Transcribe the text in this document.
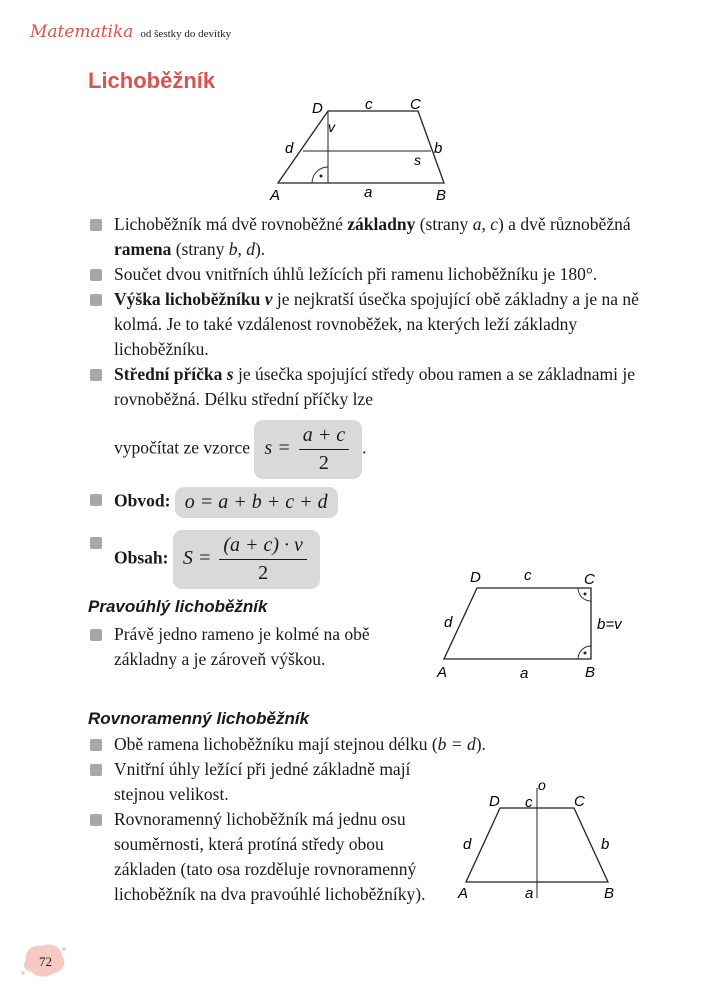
Matematika od šestky do devítky
Lichoběžník
D	C
c
v
d	b
s
A	a	B
Lichoběžník má dvě rovnoběžné základny (strany a, c) a dvě různoběžná ramena (strany b, d).
Součet dvou vnitřních úhlů ležících při ramenu lichoběžníku je 180°.
Výška lichoběžníku v je nejkratší úsečka spojující obě základny a je na ně kolmá. Je to také vzdálenost rovnoběžek, na kterých leží základny lichoběžníku.
Střední příčka s je úsečka spojující středy obou ramen a se základnami je rovnoběžná. Délku střední příčky lze
vypočítat ze vzorce $s = \frac{a + c}{2}$ .
Obvod: o = a + b + c + d
Obsah: $S = \frac{(a + c) \cdot v}{2}$
Pravoúhlý lichoběžník
Právě jedno rameno je kolmé na obě základny a je zároveň výškou.
D	c	C
d	b=v
A	a	B
Rovnoramenný lichoběžník
Obě ramena lichoběžníku mají stejnou délku (b = d).
Vnitřní úhly ležící při jedné základně mají stejnou velikost.
Rovnoramenný lichoběžník má jednu osu souměrnosti, která protíná středy obou základen (tato osa rozděluje rovnoramenný lichoběžník na dva pravoúhlé lichoběžníky).
o
D c	C
d	b
A	a	B
72
